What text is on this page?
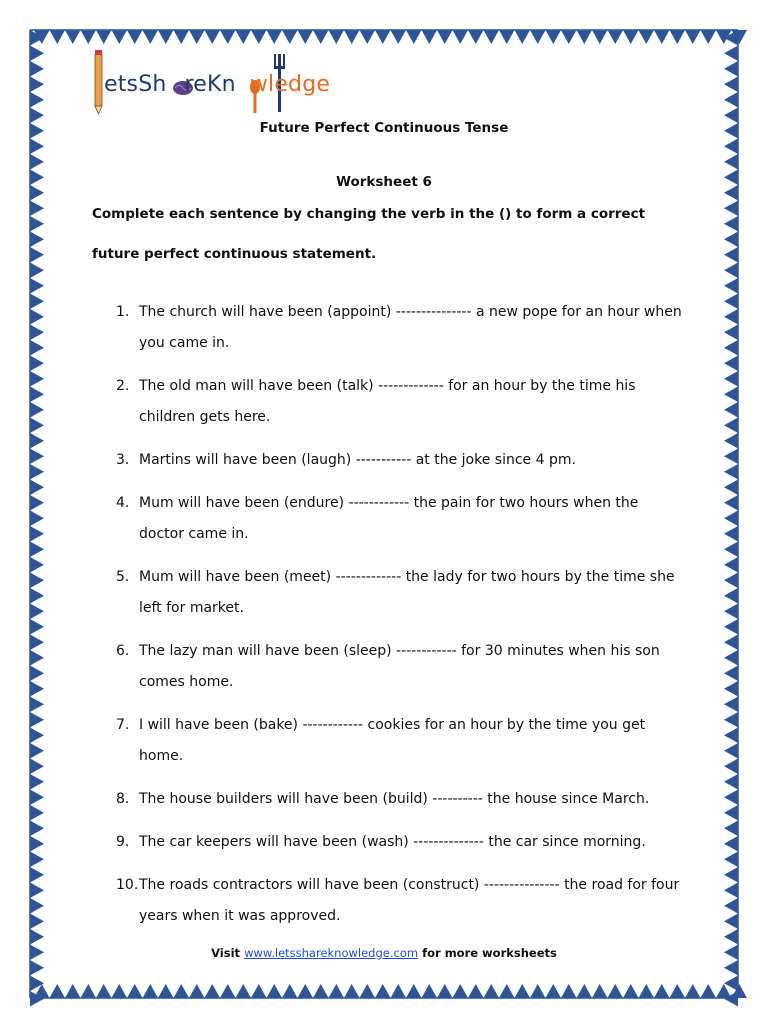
etsSh reKn wledge
Future Perfect Continuous Tense
Worksheet 6
Complete each sentence by changing the verb in the () to form a correct
future perfect continuous statement.
1. The church will have been (appoint) --------------- a new pope for an hour when you came in.
2. The old man will have been (talk) ------------- for an hour by the time his children gets here.
3. Martins will have been (laugh) ----------- at the joke since 4 pm.
4. Mum will have been (endure) ------------ the pain for two hours when the doctor came in.
5. Mum will have been (meet) ------------- the lady for two hours by the time she left for market.
6. The lazy man will have been (sleep) ------------ for 30 minutes when his son comes home.
7. I will have been (bake) ------------ cookies for an hour by the time you get home.
8. The house builders will have been (build) ---------- the house since March.
9. The car keepers will have been (wash) -------------- the car since morning.
10. The roads contractors will have been (construct) --------------- the road for four years when it was approved.
Visit www.letsshareknowledge.com for more worksheets
